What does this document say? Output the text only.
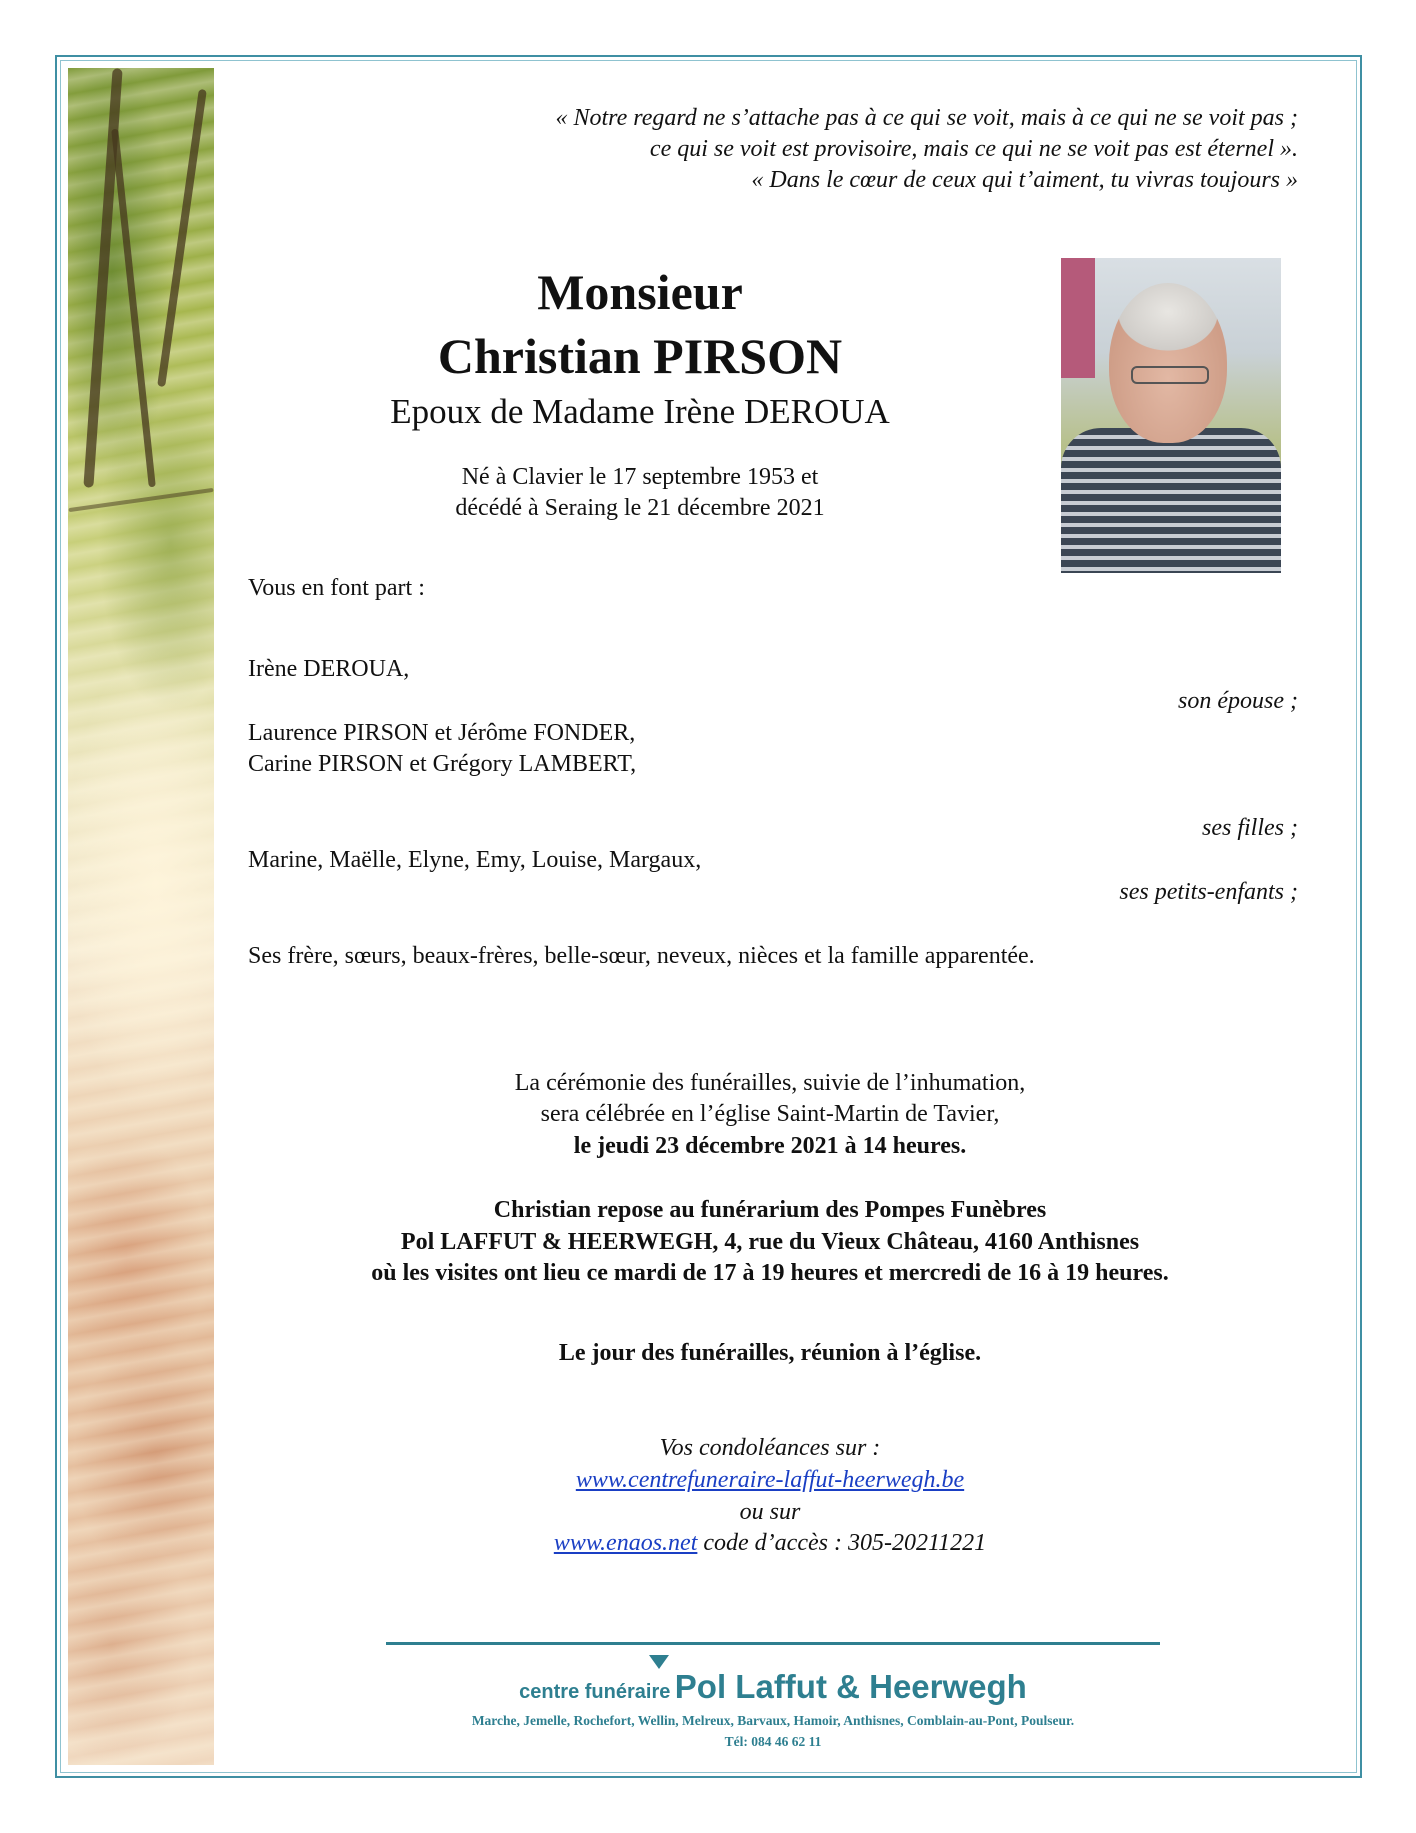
« Notre regard ne s’attache pas à ce qui se voit, mais à ce qui ne se voit pas ;
ce qui se voit est provisoire, mais ce qui ne se voit pas est éternel ».
« Dans le cœur de ceux qui t’aiment, tu vivras toujours »
Monsieur
Christian PIRSON
Epoux de Madame Irène DEROUA
Né à Clavier le 17 septembre 1953 et
décédé à Seraing le 21 décembre 2021
Vous en font part :
Irène DEROUA,
son épouse ;
Laurence PIRSON et Jérôme FONDER,
Carine PIRSON et Grégory LAMBERT,
ses filles ;
Marine, Maëlle, Elyne, Emy, Louise, Margaux,
ses petits-enfants ;
Ses frère, sœurs, beaux-frères, belle-sœur, neveux, nièces et la famille apparentée.
La cérémonie des funérailles, suivie de l’inhumation,
sera célébrée en l’église Saint-Martin de Tavier,
le jeudi 23 décembre 2021 à 14 heures.
Christian repose au funérarium des Pompes Funèbres
Pol LAFFUT & HEERWEGH, 4, rue du Vieux Château, 4160 Anthisnes
où les visites ont lieu ce mardi de 17 à 19 heures et mercredi de 16 à 19 heures.
Le jour des funérailles, réunion à l’église.
Vos condoléances sur :
www.centrefuneraire-laffut-heerwegh.be
ou sur
www.enaos.net code d’accès : 305-20211221
centre funéraire Pol Laffut & Heerwegh
Marche, Jemelle, Rochefort, Wellin, Melreux, Barvaux, Hamoir, Anthisnes, Comblain-au-Pont, Poulseur.
Tél: 084 46 62 11
